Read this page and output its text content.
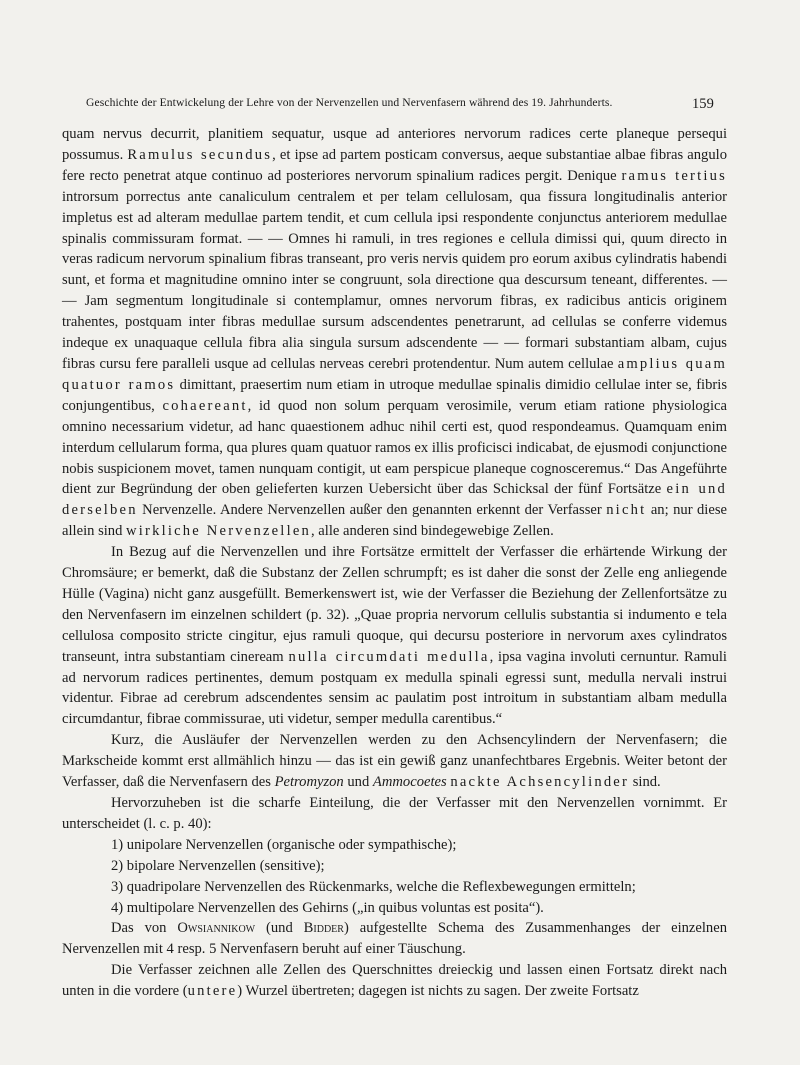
Geschichte der Entwickelung der Lehre von der Nervenzellen und Nervenfasern während des 19. Jahrhunderts.	159

quam nervus decurrit, planitiem sequatur, usque ad anteriores nervorum radices certe planeque persequi possumus. Ramulus secundus, et ipse ad partem posticam conversus, aeque substantiae albae fibras angulo fere recto penetrat atque continuo ad posteriores nervorum spinalium radices pergit. Denique ramus tertius introrsum porrectus ante canaliculum centralem et per telam cellulosam, qua fissura longitudinalis anterior impletus est ad alteram medullae partem tendit, et cum cellula ipsi respondente conjunctus anteriorem medullae spinalis commissuram format. — — Omnes hi ramuli, in tres regiones e cellula dimissi qui, quum directo in veras radicum nervorum spinalium fibras transeant, pro veris nervis quidem pro eorum axibus cylindratis habendi sunt, et forma et magnitudine omnino inter se congruunt, sola directione qua descursum teneant, differentes. — — Jam segmentum longitudinale si contemplamur, omnes nervorum fibras, ex radicibus anticis originem trahentes, postquam inter fibras medullae sursum adscendentes penetrarunt, ad cellulas se conferre videmus indeque ex unaquaque cellula fibra alia singula sursum adscendente — — formari substantiam albam, cujus fibras cursu fere paralleli usque ad cellulas nerveas cerebri protendentur. Num autem cellulae amplius quam quatuor ramos dimittant, praesertim num etiam in utroque medullae spinalis dimidio cellulae inter se, fibris conjungentibus, cohaereant, id quod non solum perquam verosimile, verum etiam ratione physiologica omnino necessarium videtur, ad hanc quaestionem adhuc nihil certi est, quod respondeamus. Quamquam enim interdum cellularum forma, qua plures quam quatuor ramos ex illis proficisci indicabat, de ejusmodi conjunctione nobis suspicionem movet, tamen nunquam contigit, ut eam perspicue planeque cognosceremus.“ Das Angeführte dient zur Begründung der oben gelieferten kurzen Uebersicht über das Schicksal der fünf Fortsätze ein und derselben Nervenzelle. Andere Nervenzellen außer den genannten erkennt der Verfasser nicht an; nur diese allein sind wirkliche Nervenzellen, alle anderen sind bindegewebige Zellen.

In Bezug auf die Nervenzellen und ihre Fortsätze ermittelt der Verfasser die erhärtende Wirkung der Chromsäure; er bemerkt, daß die Substanz der Zellen schrumpft; es ist daher die sonst der Zelle eng anliegende Hülle (Vagina) nicht ganz ausgefüllt. Bemerkenswert ist, wie der Verfasser die Beziehung der Zellenfortsätze zu den Nervenfasern im einzelnen schildert (p. 32). „Quae propria nervorum cellulis substantia si indumento e tela cellulosa composito stricte cingitur, ejus ramuli quoque, qui decursu posteriore in nervorum axes cylindratos transeunt, intra substantiam cineream nulla circumdati medulla, ipsa vagina involuti cernuntur. Ramuli ad nervorum radices pertinentes, demum postquam ex medulla spinali egressi sunt, medulla nervali instrui videntur. Fibrae ad cerebrum adscendentes sensim ac paulatim post introitum in substantiam albam medulla circumdantur, fibrae commissurae, uti videtur, semper medulla carentibus.“

Kurz, die Ausläufer der Nervenzellen werden zu den Achsencylindern der Nervenfasern; die Markscheide kommt erst allmählich hinzu — das ist ein gewiß ganz unanfechtbares Ergebnis. Weiter betont der Verfasser, daß die Nervenfasern des Petromyzon und Ammocoetes nackte Achsencylinder sind.

Hervorzuheben ist die scharfe Einteilung, die der Verfasser mit den Nervenzellen vornimmt. Er unterscheidet (l. c. p. 40):

1) unipolare Nervenzellen (organische oder sympathische);

2) bipolare Nervenzellen (sensitive);

3) quadripolare Nervenzellen des Rückenmarks, welche die Reflexbewegungen ermitteln;

4) multipolare Nervenzellen des Gehirns („in quibus voluntas est posita“).

Das von Owsiannikow (und Bidder) aufgestellte Schema des Zusammenhanges der einzelnen Nervenzellen mit 4 resp. 5 Nervenfasern beruht auf einer Täuschung.

Die Verfasser zeichnen alle Zellen des Querschnittes dreieckig und lassen einen Fortsatz direkt nach unten in die vordere (untere) Wurzel übertreten; dagegen ist nichts zu sagen. Der zweite Fortsatz
